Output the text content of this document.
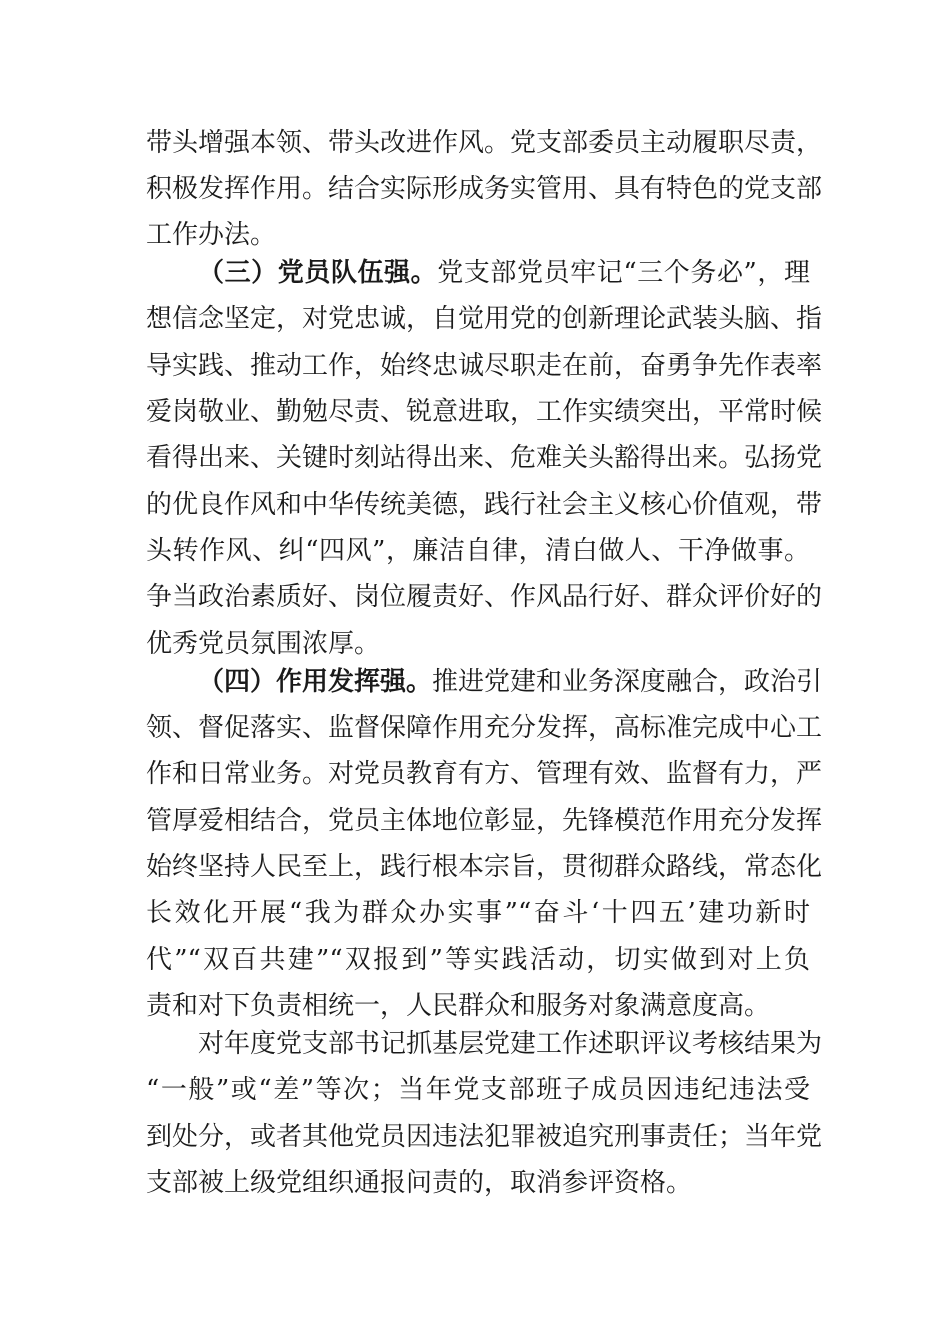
带头增强本领、带头改进作风。党支部委员主动履职尽责，
积极发挥作用。结合实际形成务实管用、具有特色的党支部
工作办法。
（三）党员队伍强。党支部党员牢记“三个务必”，理
想信念坚定，对党忠诚，自觉用党的创新理论武装头脑、指
导实践、推动工作，始终忠诚尽职走在前，奋勇争先作表率
爱岗敬业、勤勉尽责、锐意进取，工作实绩突出，平常时候
看得出来、关键时刻站得出来、危难关头豁得出来。弘扬党
的优良作风和中华传统美德，践行社会主义核心价值观，带
头转作风、纠“四风”，廉洁自律，清白做人、干净做事。
争当政治素质好、岗位履责好、作风品行好、群众评价好的
优秀党员氛围浓厚。
（四）作用发挥强。推进党建和业务深度融合，政治引
领、督促落实、监督保障作用充分发挥，高标准完成中心工
作和日常业务。对党员教育有方、管理有效、监督有力，严
管厚爱相结合，党员主体地位彰显，先锋模范作用充分发挥
始终坚持人民至上，践行根本宗旨，贯彻群众路线，常态化
长效化开展“我为群众办实事”“奋斗‘十四五’建功新时
代”“双百共建”“双报到”等实践活动，切实做到对上负
责和对下负责相统一，人民群众和服务对象满意度高。
对年度党支部书记抓基层党建工作述职评议考核结果为
“一般”或“差”等次；当年党支部班子成员因违纪违法受
到处分，或者其他党员因违法犯罪被追究刑事责任；当年党
支部被上级党组织通报问责的，取消参评资格。
